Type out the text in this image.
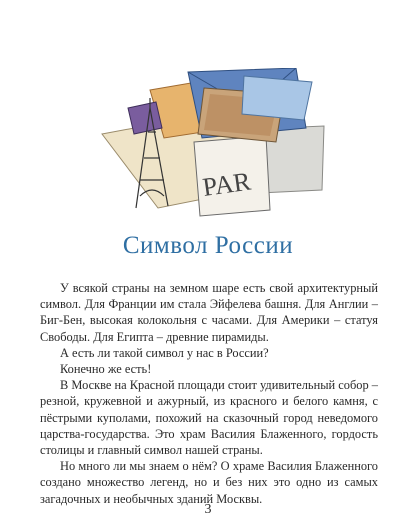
PAR
Символ России

У всякой страны на земном шаре есть свой архитектурный символ. Для Франции им стала Эйфелева башня. Для Англии – Биг-Бен, высокая колокольня с часами. Для Америки – статуя Свободы. Для Египта – древние пирамиды.

А есть ли такой символ у нас в России?

Конечно же есть!

В Москве на Красной площади стоит удивительный собор – резной, кружевной и ажурный, из красного и белого камня, с пёстрыми куполами, похожий на сказочный город неведомого царства-государства. Это храм Василия Блаженного, гордость столицы и главный символ нашей страны.

Но много ли мы знаем о нём? О храме Василия Блаженного создано множество легенд, но и без них это одно из самых загадочных и необычных зданий Москвы.

3
